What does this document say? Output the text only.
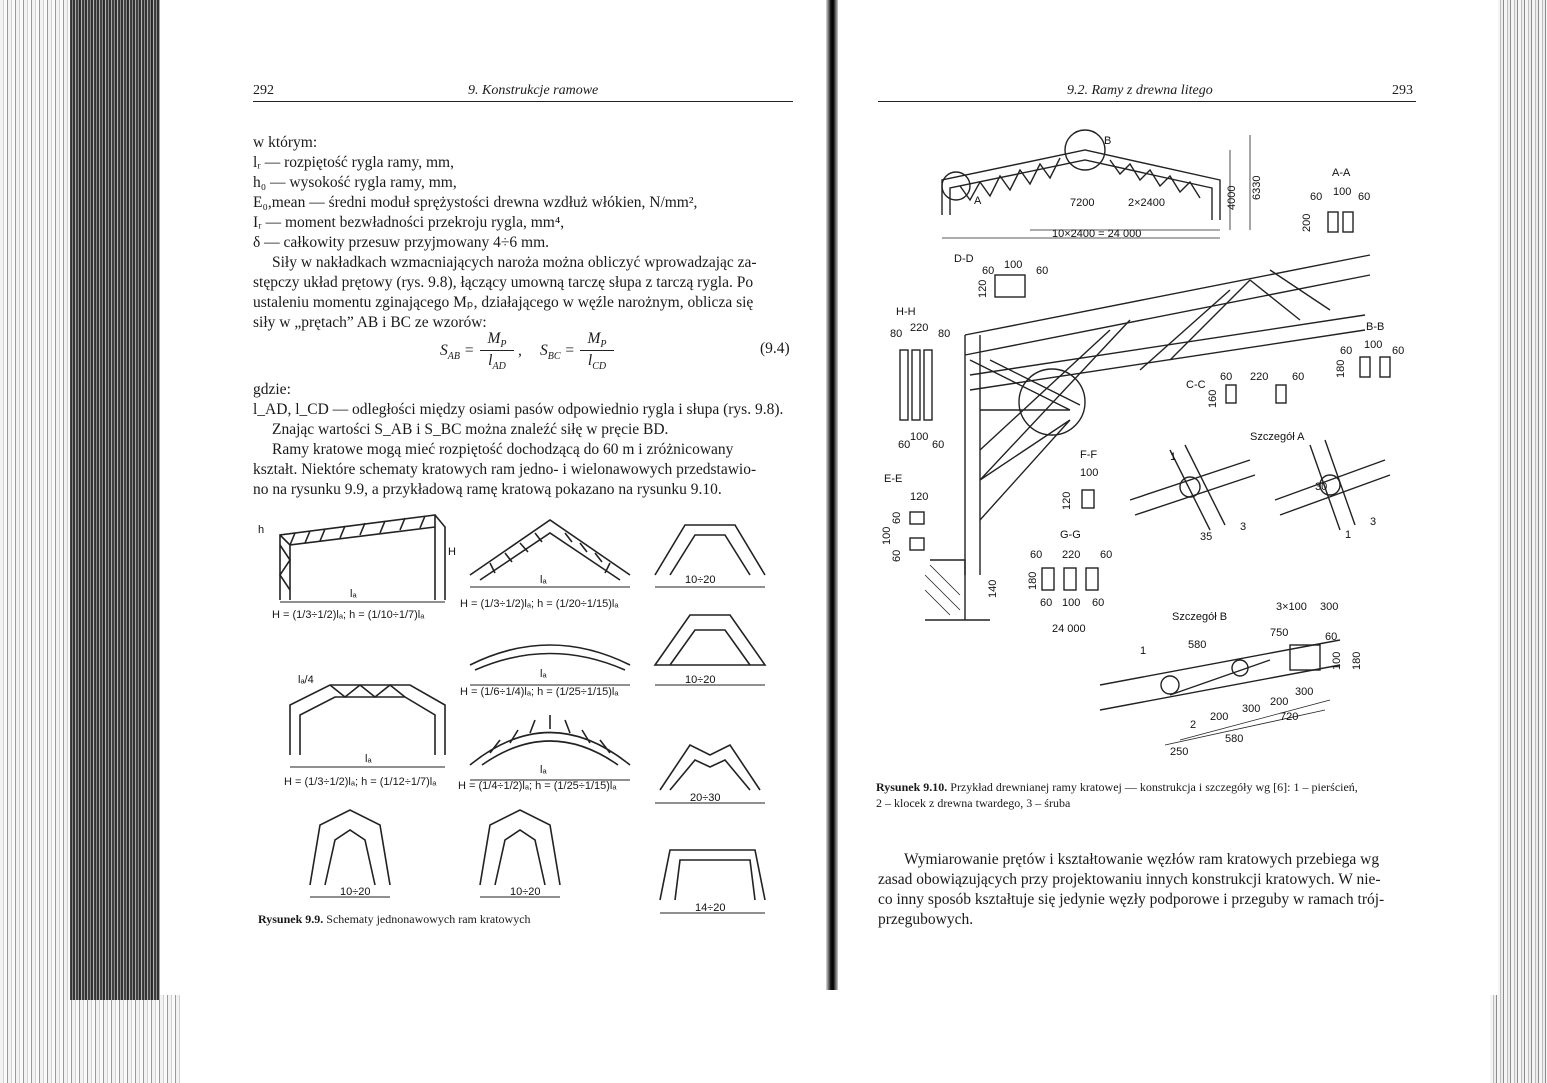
292	9. Konstrukcje ramowe
w którym:
lᵣ — rozpiętość rygla ramy, mm,
h₀ — wysokość rygla ramy, mm,
E₀,mean — średni moduł sprężystości drewna wzdłuż włókien, N/mm²,
Iᵣ — moment bezwładności przekroju rygla, mm⁴,
δ — całkowity przesuw przyjmowany 4÷6 mm.
Siły w nakładkach wzmacniających naroża można obliczyć wprowadzając za-
stępczy układ prętowy (rys. 9.8), łączący umowną tarczę słupa z tarczą rygla. Po
ustaleniu momentu zginającego Mₚ, działającego w węźle narożnym, oblicza się
siły w „prętach” AB i BC ze wzorów:
$S_{AB}$ =
$M_P$
$l_{AD}$
, $S_{BC}$ =
$M_P$
$l_{CD}$
(9.4)
gdzie:
l_AD, l_CD — odległości między osiami pasów odpowiednio rygla i słupa (rys. 9.8).
Znając wartości S_AB i S_BC można znaleźć siłę w pręcie BD.
Ramy kratowe mogą mieć rozpiętość dochodzącą do 60 m i zróżnicowany
kształt. Niektóre schematy kratowych ram jedno- i wielonawowych przedstawio-
no na rysunku 9.9, a przykładową ramę kratową pokazano na rysunku 9.10.
lₐ
lₐ
lₐ
lₐ
lₐ
lₐ/4
H
h
10÷20
10÷20
20÷30
10÷20	10÷20
14÷20
H = (1/3÷1/2)lₐ; h = (1/10÷1/7)lₐ
H = (1/3÷1/2)lₐ; h = (1/20÷1/15)lₐ
H = (1/6÷1/4)lₐ; h = (1/25÷1/15)lₐ
H = (1/3÷1/2)lₐ; h = (1/12÷1/7)lₐ H = (1/4÷1/2)lₐ; h = (1/25÷1/15)lₐ
Rysunek 9.9. Schematy jednonawowych ram kratowych
9.2. Ramy z drewna litego	293
B
A	7200	2×2400
10×2400 = 24 000
4000 6330
A-A
60 100 60
200
D-D
60 100 60
120
H-H
80 220 80
60
100
60
B-B
60 100 60
180
C-C
60 220 60
160
F-F
100
120
E-E
120
60
100
60
G-G
60 220 60
180
60 100 60
140
24 000
Szczegół A
Szczegół B
1
3
35	1
3
30
1
2
3×100 300
580
750	60
100 180
200
300
200
300
720
250
580
Rysunek 9.10. Przykład drewnianej ramy kratowej — konstrukcja i szczegóły wg [6]: 1 – pierścień,
2 – klocek z drewna twardego, 3 – śruba
Wymiarowanie prętów i kształtowanie węzłów ram kratowych przebiega wg
zasad obowiązujących przy projektowaniu innych konstrukcji kratowych. W nie-
co inny sposób kształtuje się jedynie węzły podporowe i przeguby w ramach trój-
przegubowych.
